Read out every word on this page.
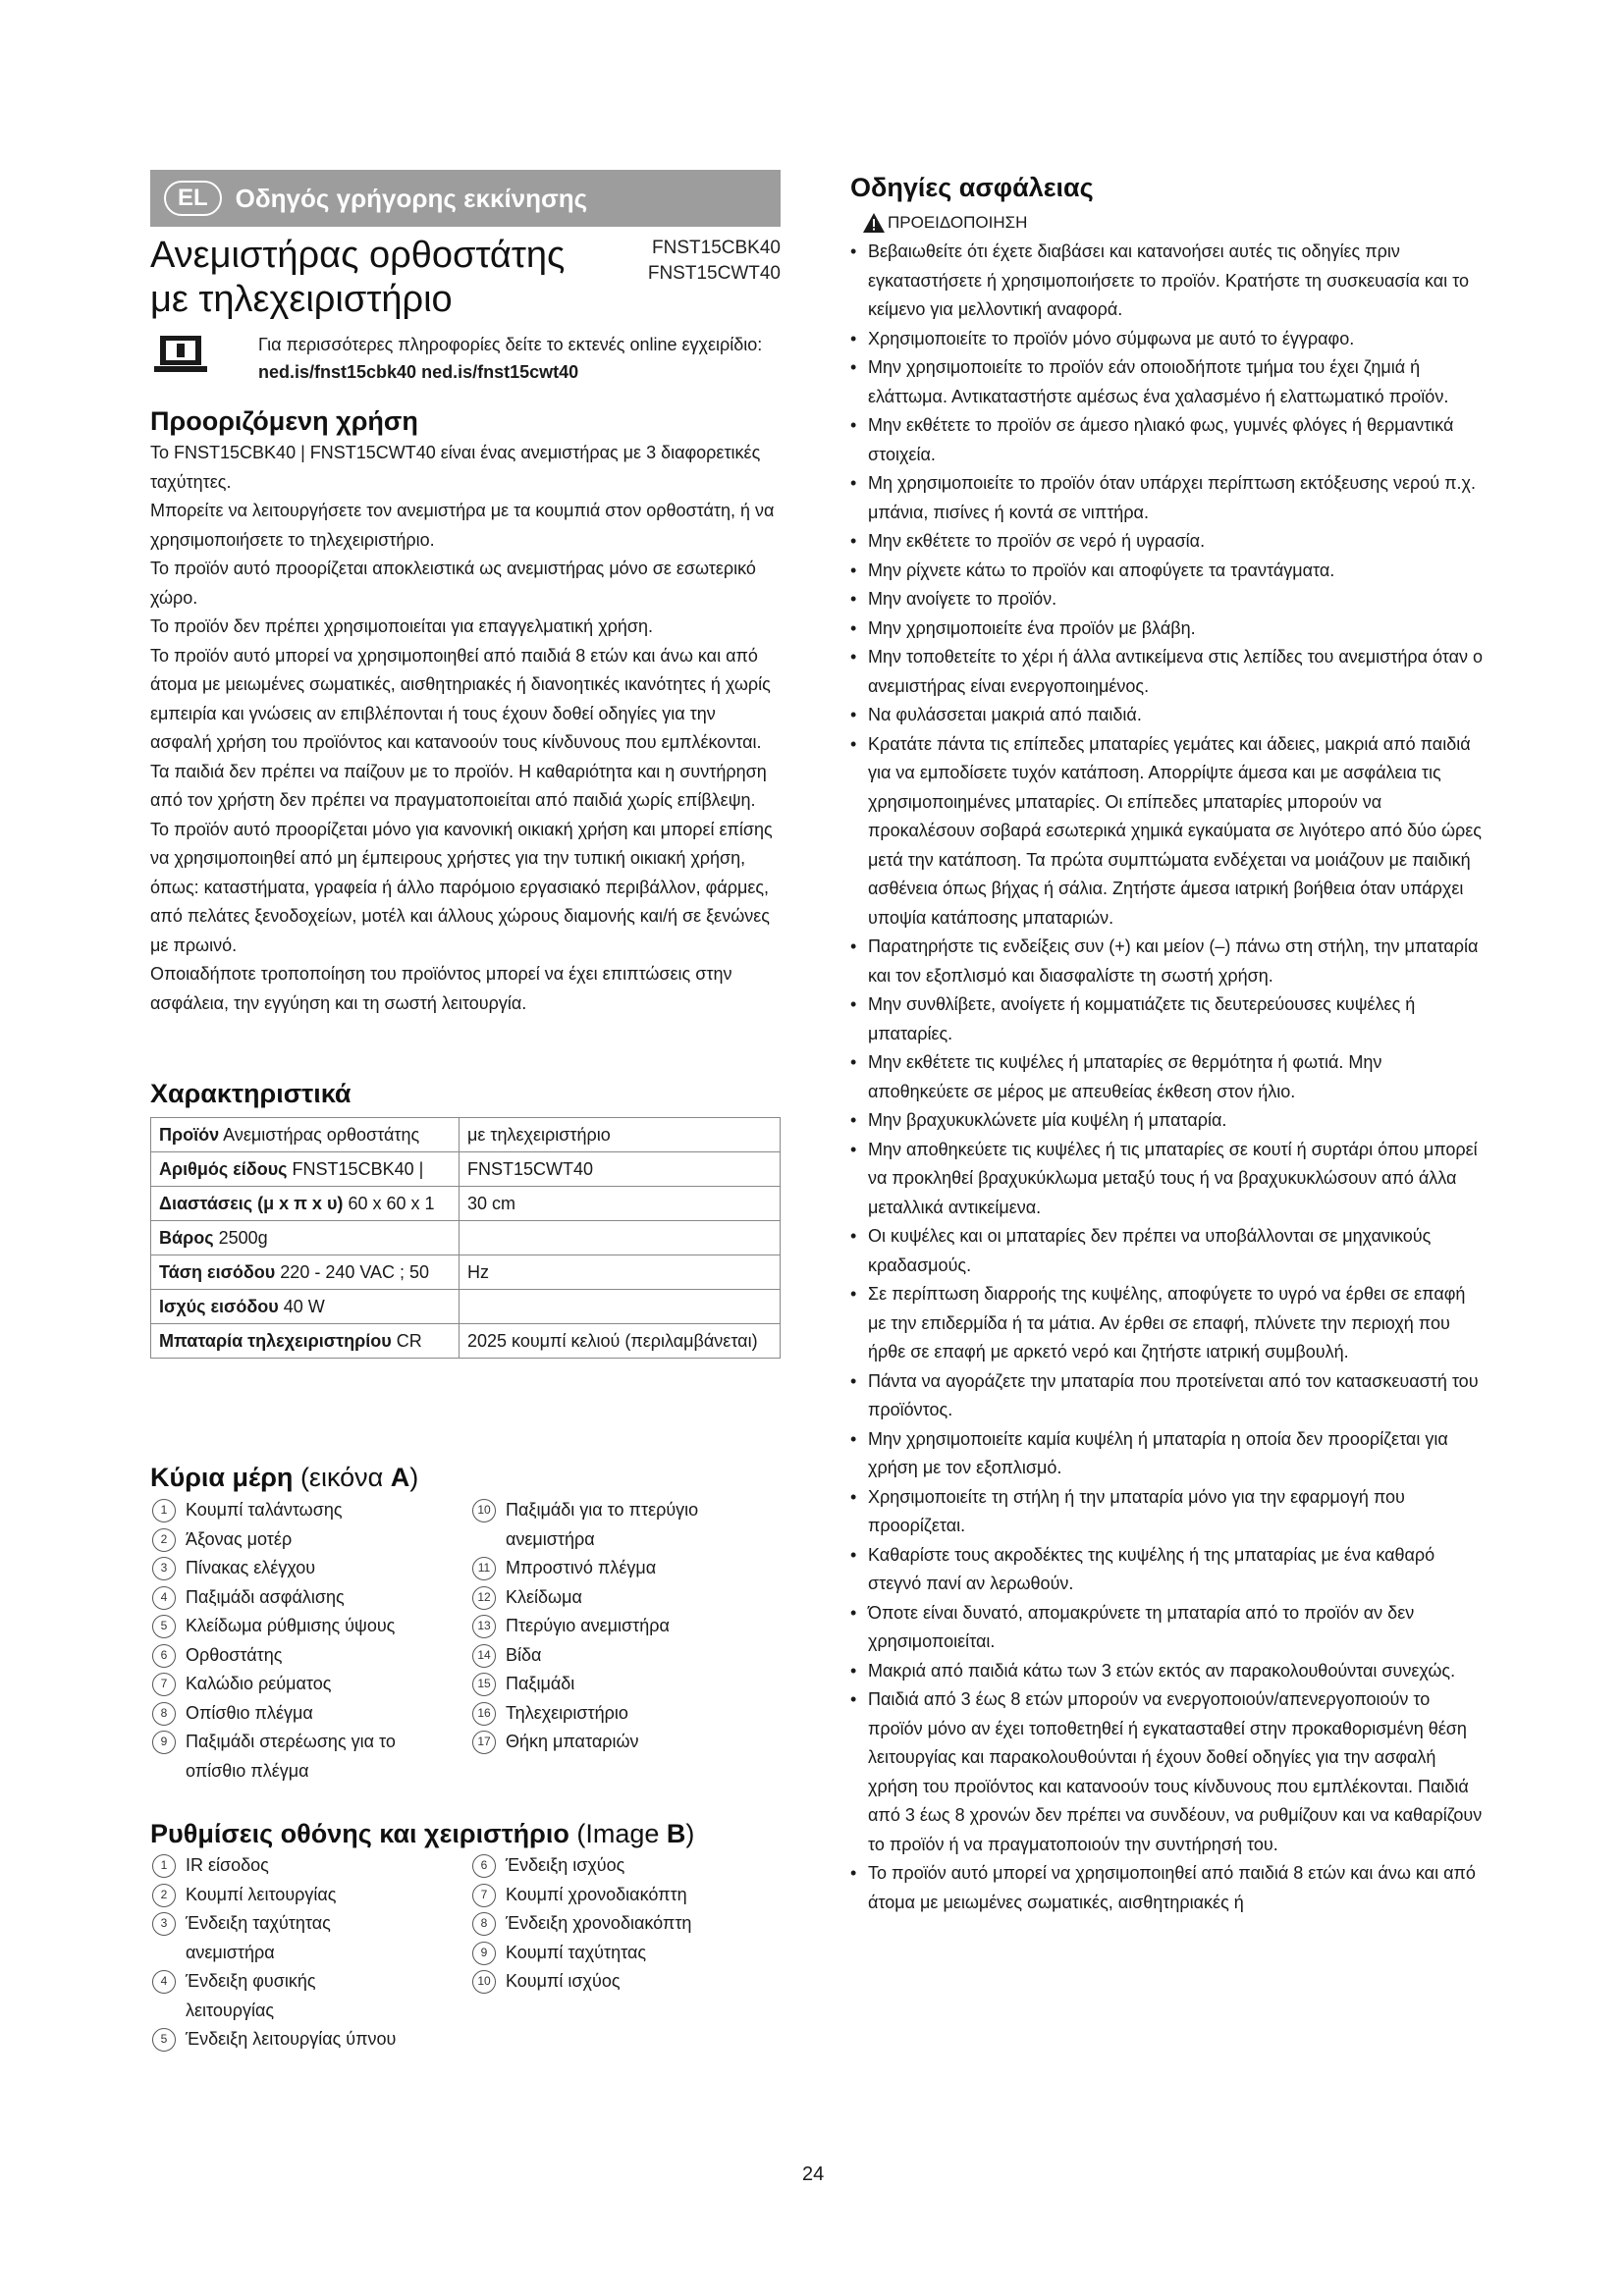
EL	Οδηγός γρήγορης εκκίνησης
Ανεμιστήρας ορθοστάτης με τηλεχειριστήριο
FNST15CBK40
FNST15CWT40
Για περισσότερες πληροφορίες δείτε το εκτενές online εγχειρίδιο: ned.is/fnst15cbk40 ned.is/fnst15cwt40
Προοριζόμενη χρήση

Το FNST15CBK40 | FNST15CWT40 είναι ένας ανεμιστήρας με 3 διαφορετικές ταχύτητες.

Μπορείτε να λειτουργήσετε τον ανεμιστήρα με τα κουμπιά στον ορθοστάτη, ή να χρησιμοποιήσετε το τηλεχειριστήριο.

Το προϊόν αυτό προορίζεται αποκλειστικά ως ανεμιστήρας μόνο σε εσωτερικό χώρο.

Το προϊόν δεν πρέπει χρησιμοποιείται για επαγγελματική χρήση.

Το προϊόν αυτό μπορεί να χρησιμοποιηθεί από παιδιά 8 ετών και άνω και από άτομα με μειωμένες σωματικές, αισθητηριακές ή διανοητικές ικανότητες ή χωρίς εμπειρία και γνώσεις αν επιβλέπονται ή τους έχουν δοθεί οδηγίες για την ασφαλή χρήση του προϊόντος και κατανοούν τους κίνδυνους που εμπλέκονται. Τα παιδιά δεν πρέπει να παίζουν με το προϊόν. Η καθαριότητα και η συντήρηση από τον χρήστη δεν πρέπει να πραγματοποιείται από παιδιά χωρίς επίβλεψη.

Το προϊόν αυτό προορίζεται μόνο για κανονική οικιακή χρήση και μπορεί επίσης να χρησιμοποιηθεί από μη έμπειρους χρήστες για την τυπική οικιακή χρήση, όπως: καταστήματα, γραφεία ή άλλο παρόμοιο εργασιακό περιβάλλον, φάρμες, από πελάτες ξενοδοχείων, μοτέλ και άλλους χώρους διαμονής και/ή σε ξενώνες με πρωινό.

Οποιαδήποτε τροποποίηση του προϊόντος μπορεί να έχει επιπτώσεις στην ασφάλεια, την εγγύηση και τη σωστή λειτουργία.

Χαρακτηριστικά
Προϊόν Ανεμιστήρας ορθοστάτης	με τηλεχειριστήριο
Αριθμός είδους FNST15CBK40 |	FNST15CWT40
Διαστάσεις (μ x π x υ) 60 x 60 x 1	30 cm
Βάρος 2500g	
Τάση εισόδου 220 - 240 VAC ; 50	Hz
Ισχύς εισόδου 40 W	
Μπαταρία τηλεχειριστηρίου CR	2025 κουμπί κελιού (περιλαμβάνεται)
Κύρια μέρη (εικόνα A)
1	Κουμπί ταλάντωσης
2	Άξονας μοτέρ
3	Πίνακας ελέγχου
4	Παξιμάδι ασφάλισης
5	Κλείδωμα ρύθμισης ύψους
6	Ορθοστάτης
7	Καλώδιο ρεύματος
8	Οπίσθιο πλέγμα
9	Παξιμάδι στερέωσης για το οπίσθιο πλέγμα
10 Παξιμάδι για το πτερύγιο ανεμιστήρα
11 Μπροστινό πλέγμα
12 Κλείδωμα
13 Πτερύγιο ανεμιστήρα
14 Βίδα
15 Παξιμάδι
16 Τηλεχειριστήριο
17 Θήκη μπαταριών
Ρυθμίσεις οθόνης και χειριστήριο (Image B)
1	IR είσοδος
2	Κουμπί λειτουργίας
3	Ένδειξη ταχύτητας ανεμιστήρα
4	Ένδειξη φυσικής λειτουργίας
5	Ένδειξη λειτουργίας ύπνου
6	Ένδειξη ισχύος
7	Κουμπί χρονοδιακόπτη
8	Ένδειξη χρονοδιακόπτη
9	Κουμπί ταχύτητας
10 Κουμπί ισχύος
Οδηγίες ασφάλειας
ΠΡΟΕΙΔΟΠΟΙΗΣΗ
• Βεβαιωθείτε ότι έχετε διαβάσει και κατανοήσει αυτές τις οδηγίες πριν εγκαταστήσετε ή χρησιμοποιήσετε το προϊόν. Κρατήστε τη συσκευασία και το κείμενο για μελλοντική αναφορά.
• Χρησιμοποιείτε το προϊόν μόνο σύμφωνα με αυτό το έγγραφο.
• Μην χρησιμοποιείτε το προϊόν εάν οποιοδήποτε τμήμα του έχει ζημιά ή ελάττωμα. Αντικαταστήστε αμέσως ένα χαλασμένο ή ελαττωματικό προϊόν.
• Μην εκθέτετε το προϊόν σε άμεσο ηλιακό φως, γυμνές φλόγες ή θερμαντικά στοιχεία.
• Μη χρησιμοποιείτε το προϊόν όταν υπάρχει περίπτωση εκτόξευσης νερού π.χ. μπάνια, πισίνες ή κοντά σε νιπτήρα.
• Μην εκθέτετε το προϊόν σε νερό ή υγρασία.
• Μην ρίχνετε κάτω το προϊόν και αποφύγετε τα τραντάγματα.
• Μην ανοίγετε το προϊόν.
• Μην χρησιμοποιείτε ένα προϊόν με βλάβη.
• Μην τοποθετείτε το χέρι ή άλλα αντικείμενα στις λεπίδες του ανεμιστήρα όταν ο ανεμιστήρας είναι ενεργοποιημένος.
• Να φυλάσσεται μακριά από παιδιά.
• Κρατάτε πάντα τις επίπεδες μπαταρίες γεμάτες και άδειες, μακριά από παιδιά για να εμποδίσετε τυχόν κατάποση. Απορρίψτε άμεσα και με ασφάλεια τις χρησιμοποιημένες μπαταρίες. Οι επίπεδες μπαταρίες μπορούν να προκαλέσουν σοβαρά εσωτερικά χημικά εγκαύματα σε λιγότερο από δύο ώρες μετά την κατάποση. Τα πρώτα συμπτώματα ενδέχεται να μοιάζουν με παιδική ασθένεια όπως βήχας ή σάλια. Ζητήστε άμεσα ιατρική βοήθεια όταν υπάρχει υποψία κατάποσης μπαταριών.
• Παρατηρήστε τις ενδείξεις συν (+) και μείον (–) πάνω στη στήλη, την μπαταρία και τον εξοπλισμό και διασφαλίστε τη σωστή χρήση.
• Μην συνθλίβετε, ανοίγετε ή κομματιάζετε τις δευτερεύουσες κυψέλες ή μπαταρίες.
• Μην εκθέτετε τις κυψέλες ή μπαταρίες σε θερμότητα ή φωτιά. Μην αποθηκεύετε σε μέρος με απευθείας έκθεση στον ήλιο.
• Μην βραχυκυκλώνετε μία κυψέλη ή μπαταρία.
• Μην αποθηκεύετε τις κυψέλες ή τις μπαταρίες σε κουτί ή συρτάρι όπου μπορεί να προκληθεί βραχυκύκλωμα μεταξύ τους ή να βραχυκυκλώσουν από άλλα μεταλλικά αντικείμενα.
• Οι κυψέλες και οι μπαταρίες δεν πρέπει να υποβάλλονται σε μηχανικούς κραδασμούς.
• Σε περίπτωση διαρροής της κυψέλης, αποφύγετε το υγρό να έρθει σε επαφή με την επιδερμίδα ή τα μάτια. Αν έρθει σε επαφή, πλύνετε την περιοχή που ήρθε σε επαφή με αρκετό νερό και ζητήστε ιατρική συμβουλή.
• Πάντα να αγοράζετε την μπαταρία που προτείνεται από τον κατασκευαστή του προϊόντος.
• Μην χρησιμοποιείτε καμία κυψέλη ή μπαταρία η οποία δεν προορίζεται για χρήση με τον εξοπλισμό.
• Χρησιμοποιείτε τη στήλη ή την μπαταρία μόνο για την εφαρμογή που προορίζεται.
• Καθαρίστε τους ακροδέκτες της κυψέλης ή της μπαταρίας με ένα καθαρό στεγνό πανί αν λερωθούν.
• Όποτε είναι δυνατό, απομακρύνετε τη μπαταρία από το προϊόν αν δεν χρησιμοποιείται.
• Μακριά από παιδιά κάτω των 3 ετών εκτός αν παρακολουθούνται συνεχώς.
• Παιδιά από 3 έως 8 ετών μπορούν να ενεργοποιούν/απενεργοποιούν το προϊόν μόνο αν έχει τοποθετηθεί ή εγκατασταθεί στην προκαθορισμένη θέση λειτουργίας και παρακολουθούνται ή έχουν δοθεί οδηγίες για την ασφαλή χρήση του προϊόντος και κατανοούν τους κίνδυνους που εμπλέκονται. Παιδιά από 3 έως 8 χρονών δεν πρέπει να συνδέουν, να ρυθμίζουν και να καθαρίζουν το προϊόν ή να πραγματοποιούν την συντήρησή του.
• Το προϊόν αυτό μπορεί να χρησιμοποιηθεί από παιδιά 8 ετών και άνω και από άτομα με μειωμένες σωματικές, αισθητηριακές ή
24
